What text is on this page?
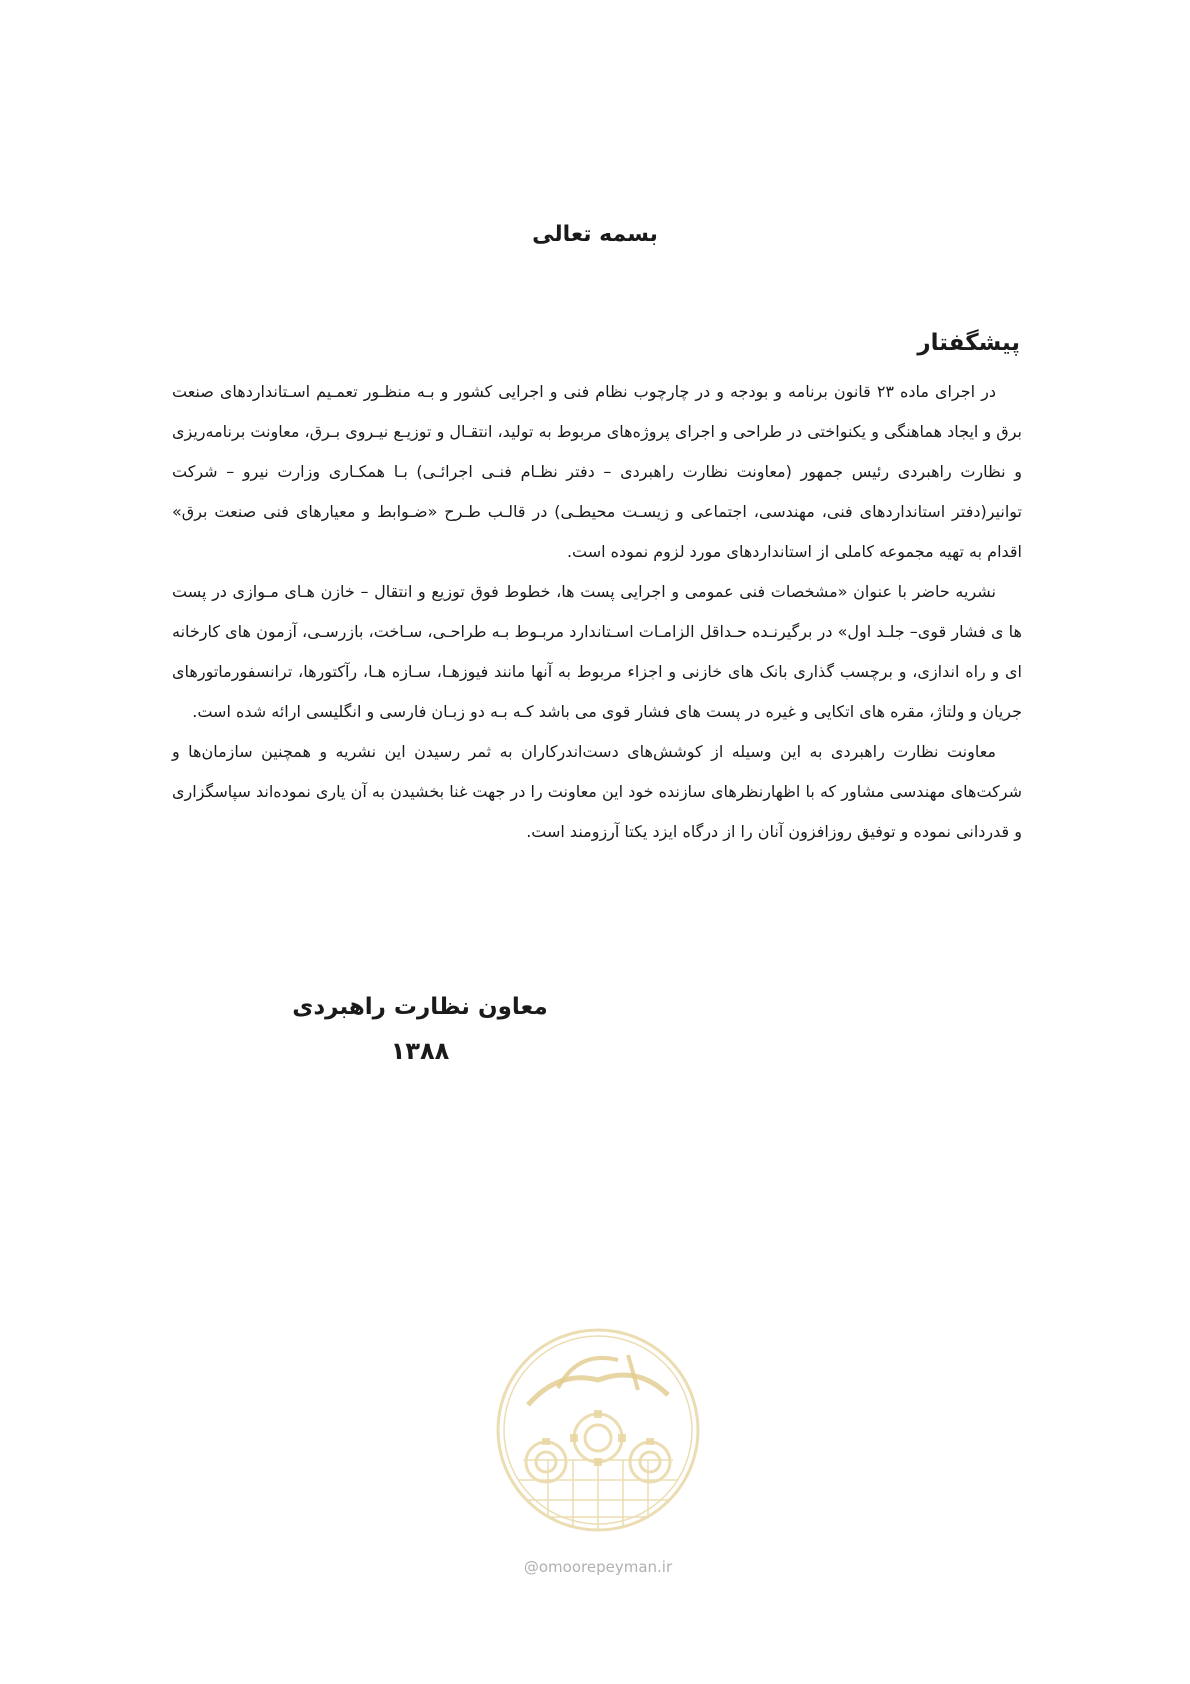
بسمه تعالی
پیشگفتار

در اجرای ماده ۲۳ قانون برنامه و بودجه و در چارچوب نظام فنی و اجرایی کشور و بـه منظـور تعمـیم اسـتانداردهای صنعت برق و ایجاد هماهنگی و یکنواختی در طراحی و اجرای پروژه‌های مربوط به تولید، انتقـال و توزیـع نیـروی بـرق، معاونت برنامه‌ریزی و نظارت راهبردی رئیس جمهور (معاونت نظارت راهبردی – دفتر نظـام فنـی اجرائـی) بـا همکـاری وزارت نیرو – شرکت توانیر(دفتر استانداردهای فنی، مهندسی، اجتماعی و زیسـت محیطـی) در قالـب طـرح «ضـوابط و معیارهای فنی صنعت برق» اقدام به تهیه مجموعه کاملی از استانداردهای مورد لزوم نموده است.

نشریه حاضر با عنوان «مشخصات فنی عمومی و اجرایی پست ها، خطوط فوق توزیع و انتقال – خازن هـای مـوازی در پست ها ی فشار قوی– جلـد اول» در برگیرنـده حـداقل الزامـات اسـتاندارد مربـوط بـه طراحـی، سـاخت، بازرسـی، آزمون های کارخانه ای و راه اندازی، و برچسب گذاری بانک های خازنی و اجزاء مربوط به آنها مانند فیوزهـا، سـازه هـا، رآکتورها، ترانسفورماتورهای جریان و ولتاژ، مقره های اتکایی و غیره در پست های فشار قوی می باشد کـه بـه دو زبـان فارسی و انگلیسی ارائه شده است.

معاونت نظارت راهبردی به این وسیله از کوشش‌های دست‌اندرکاران به ثمر رسیدن این نشریه و همچنین سازمان‌ها و شرکت‌های مهندسی مشاور که با اظهارنظرهای سازنده خود این معاونت را در جهت غنا بخشیدن به آن یاری نموده‌اند سپاسگزاری و قدردانی نموده و توفیق روزافزون آنان را از درگاه ایزد یکتا آرزومند است.

معاون نظارت راهبردی
۱۳۸۸
@omoorepeyman.ir
